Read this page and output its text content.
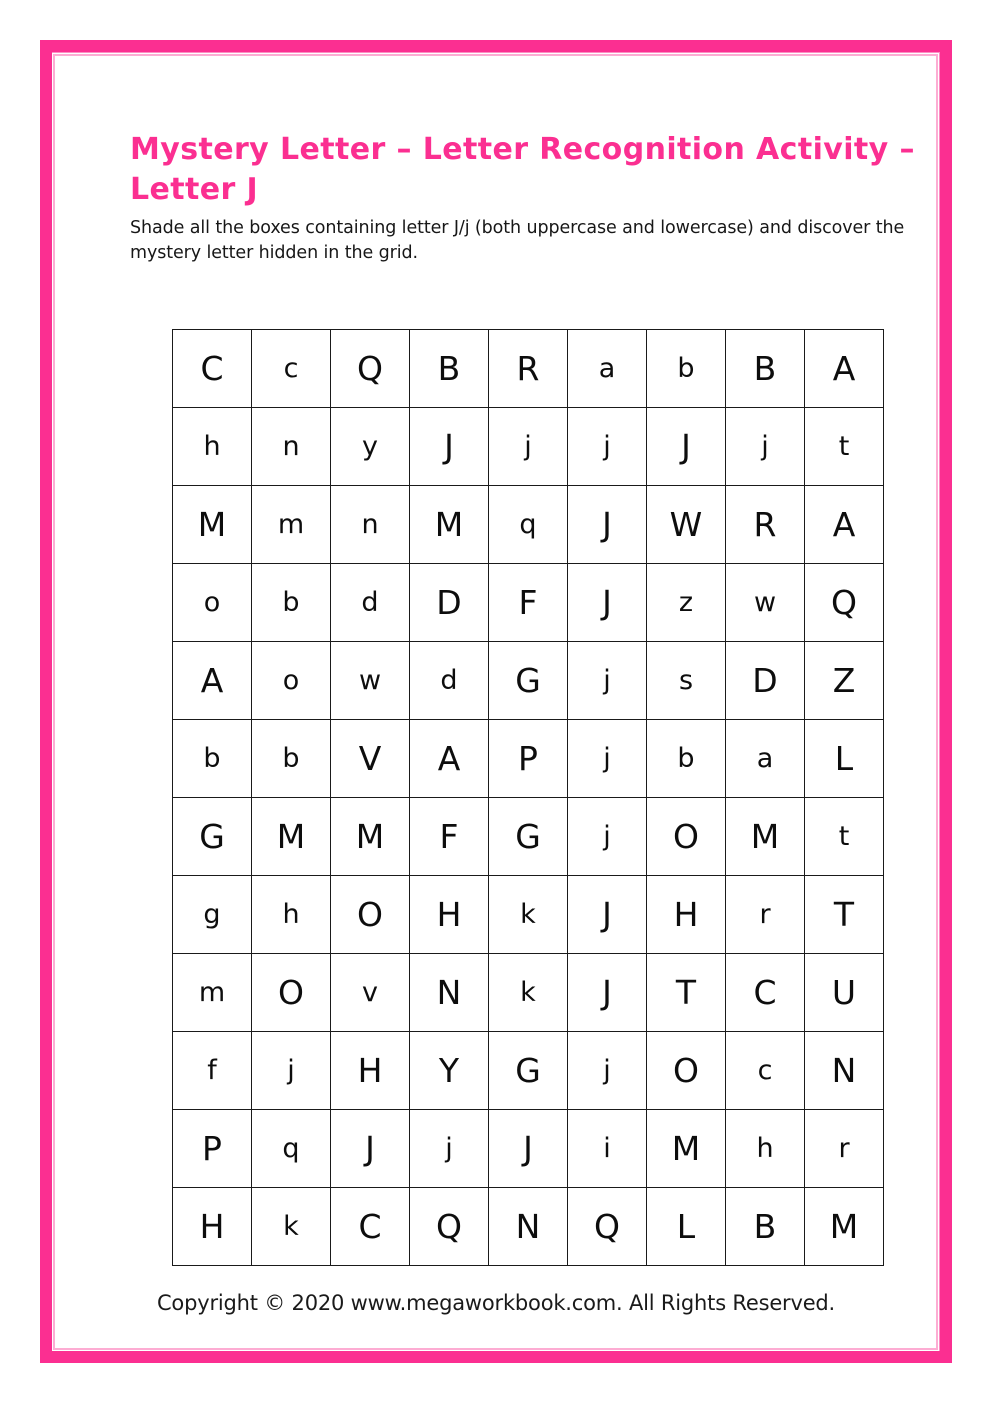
Mystery Letter – Letter Recognition Activity – Letter J

Shade all the boxes containing letter J/j (both uppercase and lowercase) and discover the mystery letter hidden in the grid.

C	c	Q	B	R	a	b	B	A
h	n	y	J	j	j	J	j	t
M	m	n	M	q	J	W	R	A
o	b	d	D	F	J	z	w	Q
A	o	w	d	G	j	s	D	Z
b	b	V	A	P	j	b	a	L
G	M	M	F	G	j	O	M	t
g	h	O	H	k	J	H	r	T
m	O	v	N	k	J	T	C	U
f	j	H	Y	G	j	O	c	N
P	q	J	j	J	i	M	h	r
H	k	C	Q	N	Q	L	B	M
Copyright © 2020 www.megaworkbook.com. All Rights Reserved.
